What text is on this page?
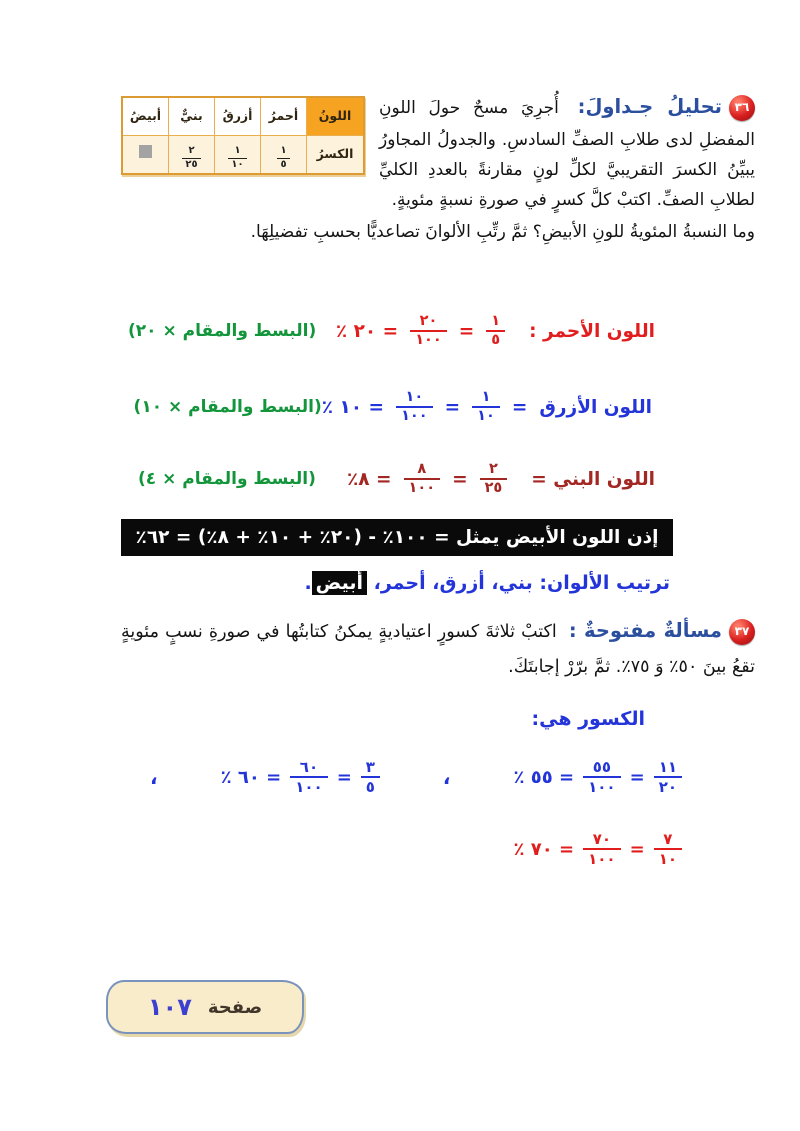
اللونُ	أحمرُ	أزرقُ	بنيٌّ	أبيضُ
الكسرُ	$\frac{١}{٥}$	$\frac{١}{١٠}$	$\frac{٢}{٢٥}$

٣٦
تحليلُ جـداولَ: أُجرِيَ مسحٌ حولَ اللونِ المفضلِ لدى طلابِ الصفِّ السادسِ. والجدولُ المجاورُ يبيِّنُ الكسرَ التقريبيَّ لكلِّ لونٍ مقارنةً بالعددِ الكليِّ لطلابِ الصفِّ. اكتبْ كلَّ كسرٍ في صورةِ نسبةٍ مئويةٍ.
وما النسبةُ المئويةُ للونِ الأبيضِ؟ ثمَّ رتِّبِ الألوانَ تصاعديًّا بحسبِ تفضيلِهَا.
اللون الأحمر :
$\frac{١}{٥}$
=
$\frac{٢٠}{١٠٠}$
= ٢٠ ٪
(البسط والمقام × ٢٠)
اللون الأزرق
=
$\frac{١}{١٠}$
=
$\frac{١٠}{١٠٠}$
= ١٠ ٪
(البسط والمقام × ١٠)
اللون البني =
$\frac{٢}{٢٥}$
=
$\frac{٨}{١٠٠}$
= ٨٪
(البسط والمقام × ٤)
إذن اللون الأبيض يمثل = ١٠٠٪ - (٢٠٪ + ١٠٪ + ٨٪) = ٦٢٪
ترتيب الألوان: بني، أزرق، أحمر، أبيض.
٣٧
مسألةٌ مفتوحةٌ : اكتبْ ثلاثةَ كسورٍ اعتياديةٍ يمكنُ كتابتُها في صورةِ نسبٍ مئويةٍ تقعُ بينَ ٥٠٪ وَ ٧٥٪. ثمَّ برّرْ إجابتَكَ.
الكسور هي:
$\frac{١١}{٢٠}$
=
$\frac{٥٥}{١٠٠}$
= ٥٥ ٪
،
$\frac{٣}{٥}$
=
$\frac{٦٠}{١٠٠}$
= ٦٠ ٪
،
$\frac{٧}{١٠}$
=
$\frac{٧٠}{١٠٠}$
= ٧٠ ٪
صفحة
١٠٧
